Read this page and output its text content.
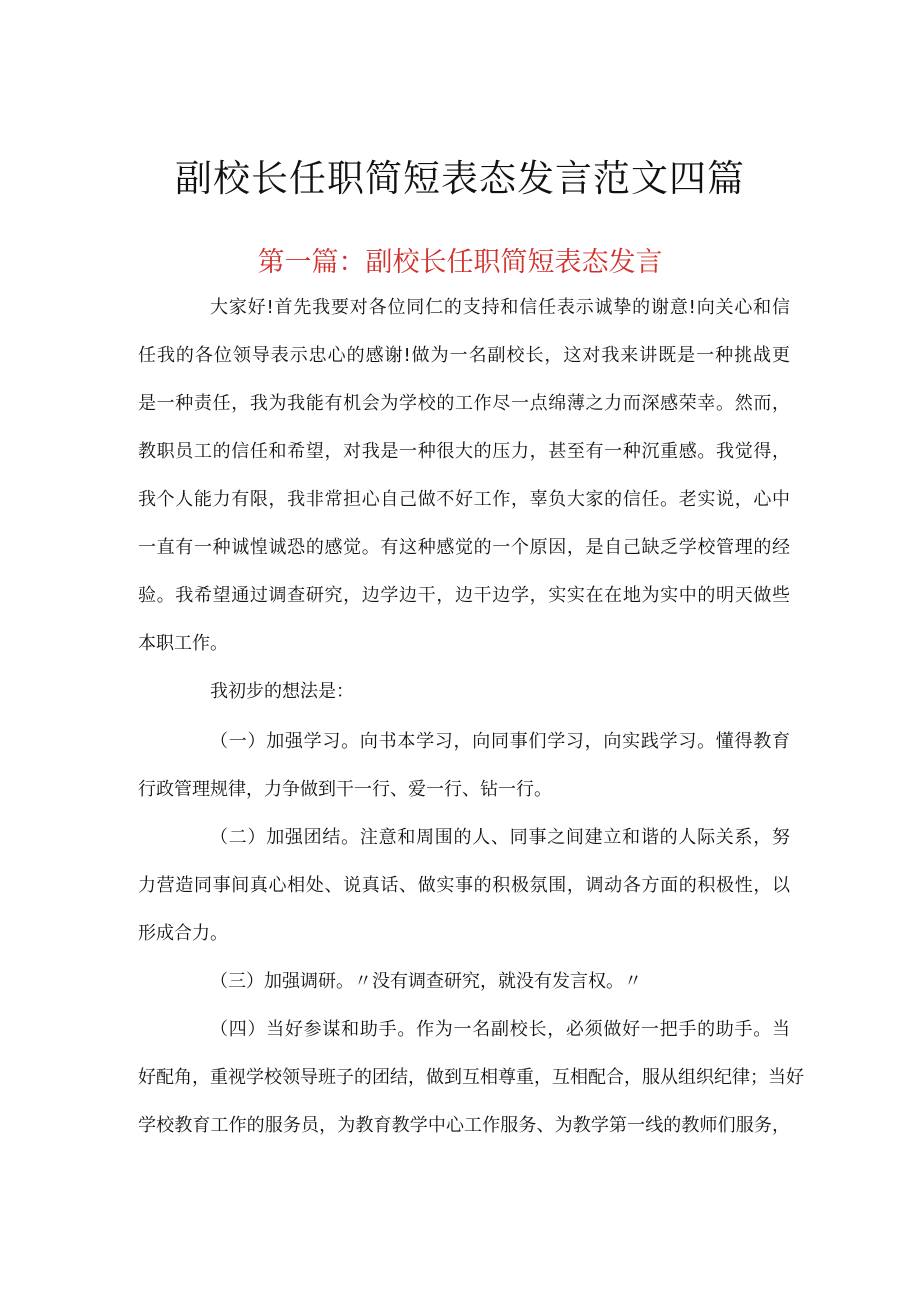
副校长任职简短表态发言范文四篇
第一篇：副校长任职简短表态发言
大家好!首先我要对各位同仁的支持和信任表示诚挚的谢意!向关心和信
任我的各位领导表示忠心的感谢!做为一名副校长，这对我来讲既是一种挑战更
是一种责任，我为我能有机会为学校的工作尽一点绵薄之力而深感荣幸。然而，
教职员工的信任和希望，对我是一种很大的压力，甚至有一种沉重感。我觉得，
我个人能力有限，我非常担心自己做不好工作，辜负大家的信任。老实说，心中
一直有一种诚惶诚恐的感觉。有这种感觉的一个原因，是自己缺乏学校管理的经
验。我希望通过调查研究，边学边干，边干边学，实实在在地为实中的明天做些
本职工作。
我初步的想法是：
（一）加强学习。向书本学习，向同事们学习，向实践学习。懂得教育
行政管理规律，力争做到干一行、爱一行、钻一行。
（二）加强团结。注意和周围的人、同事之间建立和谐的人际关系，努
力营造同事间真心相处、说真话、做实事的积极氛围，调动各方面的积极性，以
形成合力。
（三）加强调研。〃没有调查研究，就没有发言权。〃
（四）当好参谋和助手。作为一名副校长，必须做好一把手的助手。当
好配角，重视学校领导班子的团结，做到互相尊重，互相配合，服从组织纪律；当好
学校教育工作的服务员，为教育教学中心工作服务、为教学第一线的教师们服务，
